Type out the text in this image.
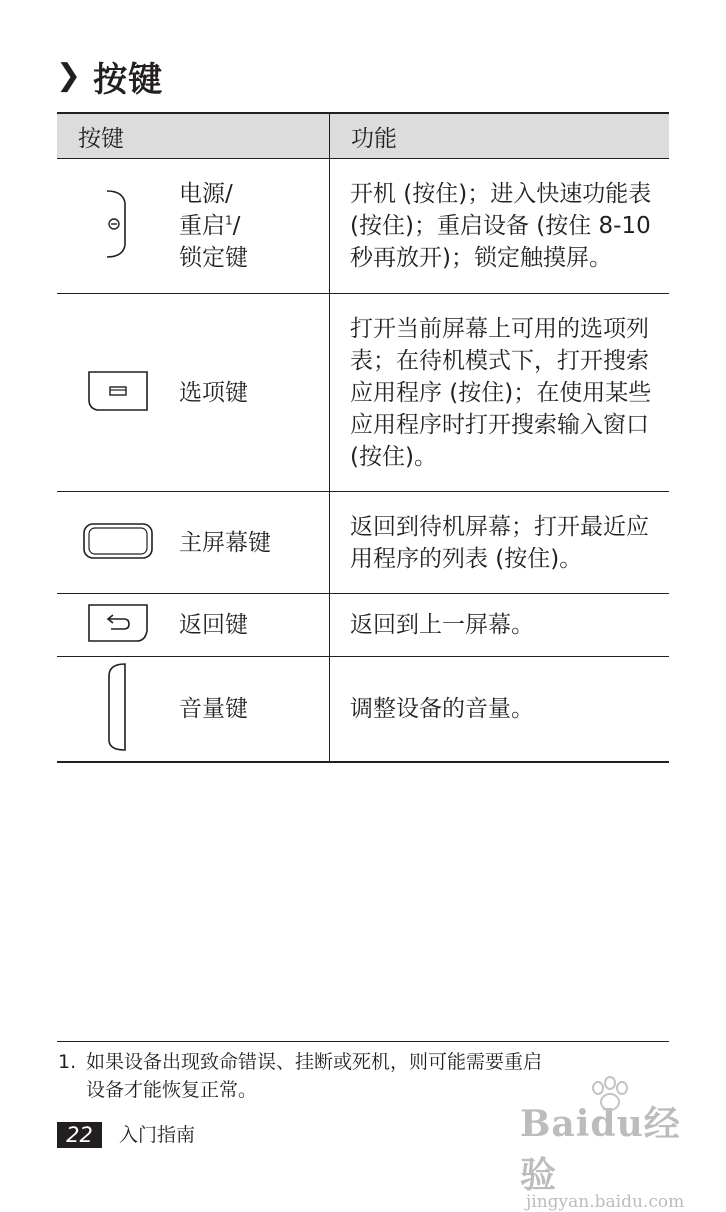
❯ 按键
按键		功能

电源/
重启$^1$/
锁定键	开机 (按住)；进入快速功能表 (按住)；重启设备 (按住 8-10 秒再放开)；锁定触摸屏。
	选项键	打开当前屏幕上可用的选项列表；在待机模式下，打开搜索应用程序 (按住)；在使用某些应用程序时打开搜索输入窗口 (按住)。
	主屏幕键	返回到待机屏幕；打开最近应用程序的列表 (按住)。
	返回键	返回到上一屏幕。
	音量键	调整设备的音量。
1. 如果设备出现致命错误、挂断或死机，则可能需要重启
设备才能恢复正常。
22	入门指南	Baidu经验
jingyan.baidu.com
